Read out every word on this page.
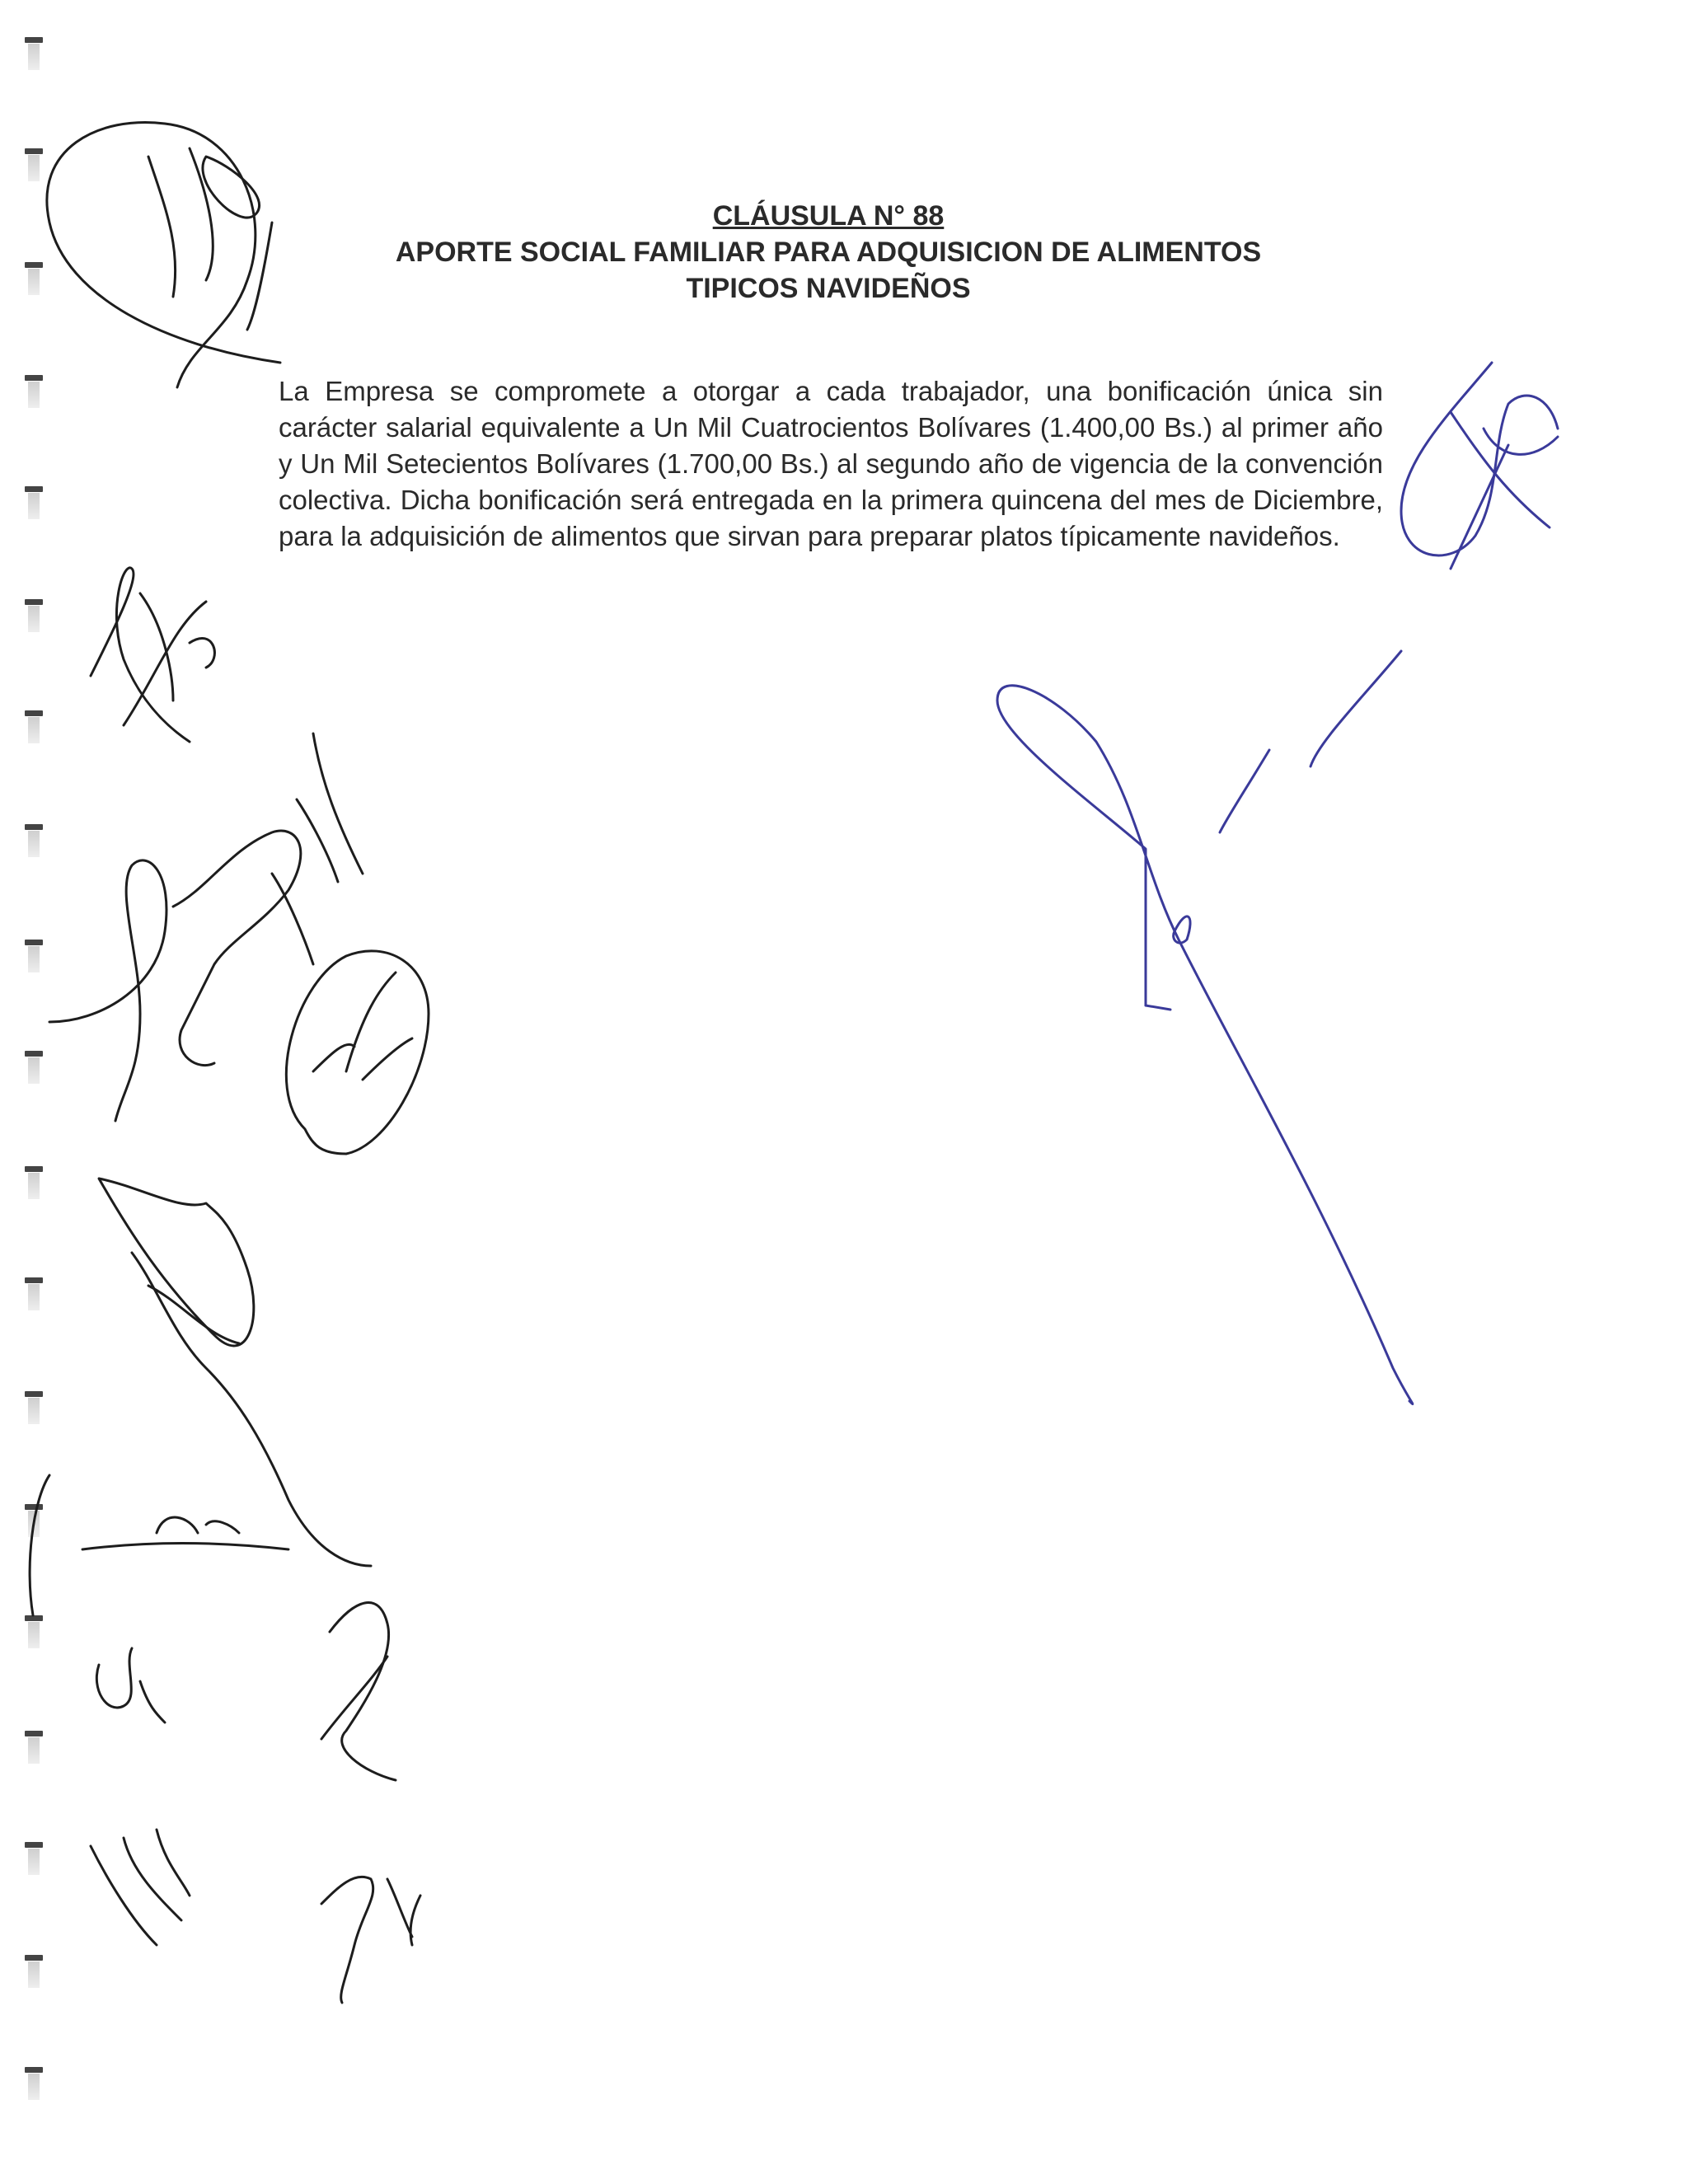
CLÁUSULA N° 88
APORTE SOCIAL FAMILIAR PARA ADQUISICION DE ALIMENTOS
TIPICOS NAVIDEÑOS

La Empresa se compromete a otorgar a cada trabajador, una bonificación única sin carácter salarial equivalente a Un Mil Cuatrocientos Bolívares (1.400,00 Bs.) al primer año y Un Mil Setecientos Bolívares (1.700,00 Bs.) al segundo año de vigencia de la convención colectiva. Dicha bonificación será entregada en la primera quincena del mes de Diciembre, para la adquisición de alimentos que sirvan para preparar platos típicamente navideños.
